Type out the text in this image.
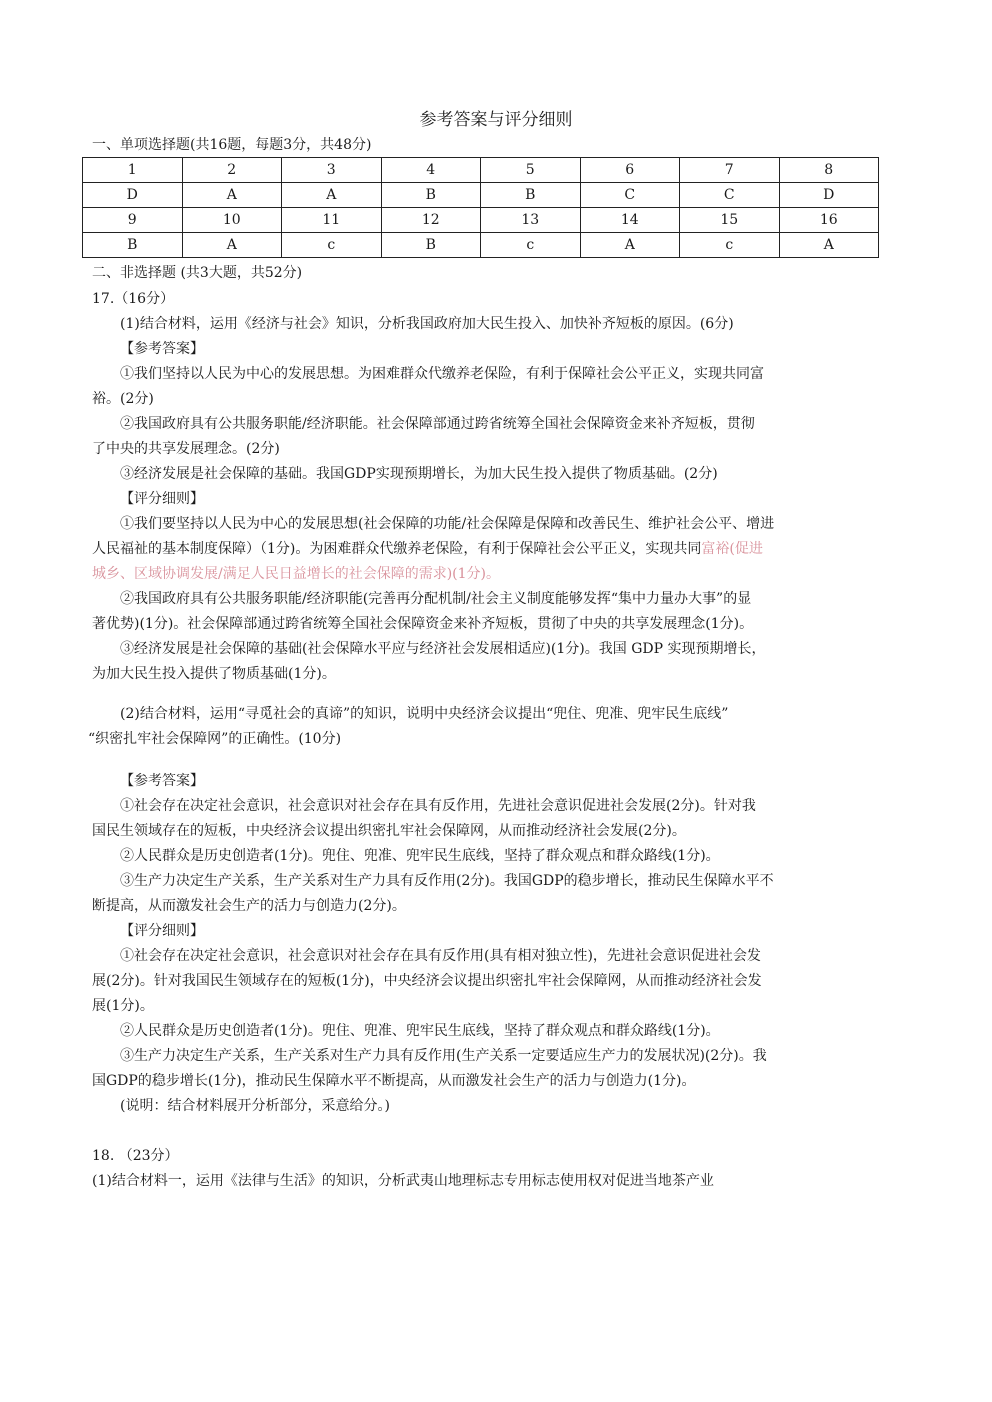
参考答案与评分细则
一、单项选择题(共16题，每题3分，共48分)
1	2	3	4	5	6	7	8
D	A	A	B	B	C	C	D
9	10	11	12	13	14	15	16
B	A	c	B	c	A	c	A
二、非选择题 (共3大题，共52分)
17.（16分）
(1)结合材料，运用《经济与社会》知识，分析我国政府加大民生投入、加快补齐短板的原因。(6分)
【参考答案】
①我们坚持以人民为中心的发展思想。为困难群众代缴养老保险，有利于保障社会公平正义，实现共同富
裕。(2分)
②我国政府具有公共服务职能/经济职能。社会保障部通过跨省统筹全国社会保障资金来补齐短板，贯彻
了中央的共享发展理念。(2分)
③经济发展是社会保障的基础。我国GDP实现预期增长，为加大民生投入提供了物质基础。(2分)
【评分细则】
①我们要坚持以人民为中心的发展思想(社会保障的功能/社会保障是保障和改善民生、维护社会公平、增进
人民福祉的基本制度保障）（1分)。为困难群众代缴养老保险，有利于保障社会公平正义，实现共同富裕(促进
城乡、区域协调发展/满足人民日益增长的社会保障的需求)(1分)。
②我国政府具有公共服务职能/经济职能(完善再分配机制/社会主义制度能够发挥“集中力量办大事”的显
著优势)(1分)。社会保障部通过跨省统筹全国社会保障资金来补齐短板，贯彻了中央的共享发展理念(1分)。
③经济发展是社会保障的基础(社会保障水平应与经济社会发展相适应)(1分)。我国 GDP 实现预期增长，
为加大民生投入提供了物质基础(1分)。
(2)结合材料，运用“寻觅社会的真谛”的知识，说明中央经济会议提出“兜住、兜准、兜牢民生底线”
“织密扎牢社会保障网”的正确性。(10分)
【参考答案】
①社会存在决定社会意识，社会意识对社会存在具有反作用，先进社会意识促进社会发展(2分)。针对我
国民生领域存在的短板，中央经济会议提出织密扎牢社会保障网，从而推动经济社会发展(2分)。
②人民群众是历史创造者(1分)。兜住、兜准、兜牢民生底线，坚持了群众观点和群众路线(1分)。
③生产力决定生产关系，生产关系对生产力具有反作用(2分)。我国GDP的稳步增长，推动民生保障水平不
断提高，从而激发社会生产的活力与创造力(2分)。
【评分细则】
①社会存在决定社会意识，社会意识对社会存在具有反作用(具有相对独立性)，先进社会意识促进社会发
展(2分)。针对我国民生领域存在的短板(1分)，中央经济会议提出织密扎牢社会保障网，从而推动经济社会发
展(1分)。
②人民群众是历史创造者(1分)。兜住、兜准、兜牢民生底线，坚持了群众观点和群众路线(1分)。
③生产力决定生产关系，生产关系对生产力具有反作用(生产关系一定要适应生产力的发展状况)(2分)。我
国GDP的稳步增长(1分)，推动民生保障水平不断提高，从而激发社会生产的活力与创造力(1分)。
(说明：结合材料展开分析部分，采意给分。)
18. （23分）
(1)结合材料一，运用《法律与生活》的知识，分析武夷山地理标志专用标志使用权对促进当地茶产业
